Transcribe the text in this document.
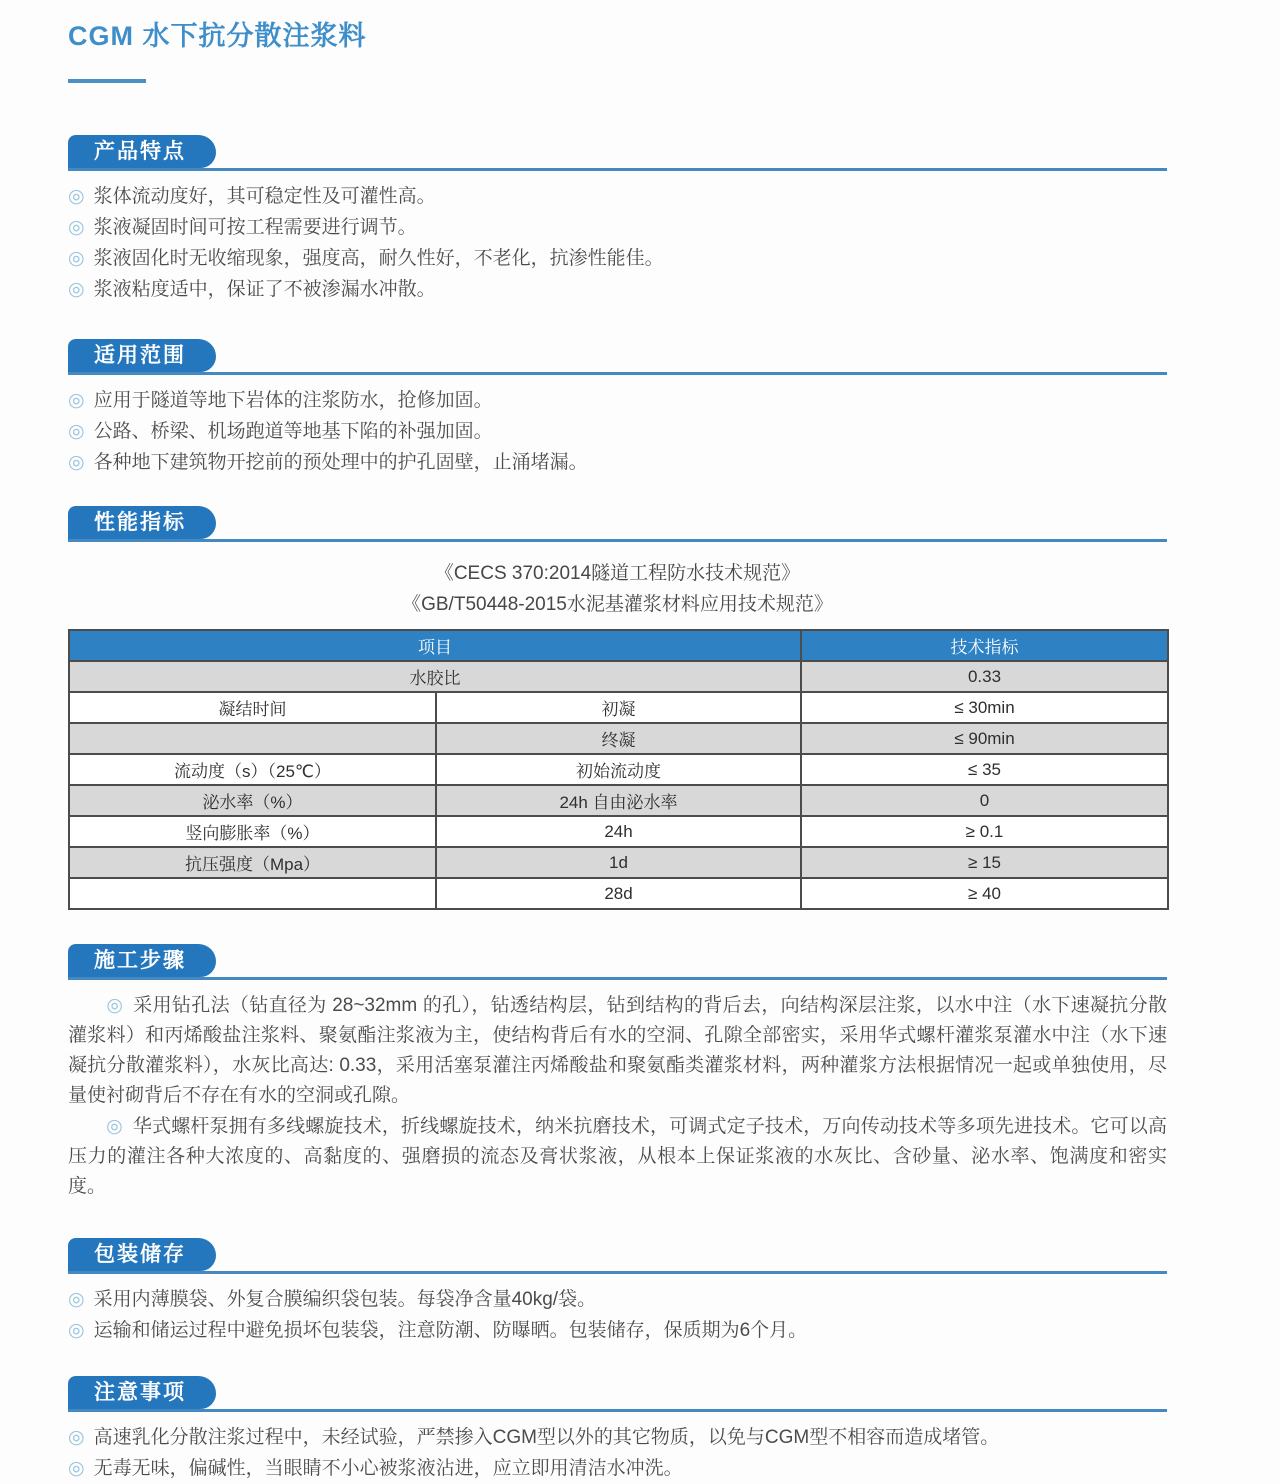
CGM 水下抗分散注浆料
产品特点
◎ 浆体流动度好，其可稳定性及可灌性高。
◎ 浆液凝固时间可按工程需要进行调节。
◎ 浆液固化时无收缩现象，强度高，耐久性好，不老化，抗渗性能佳。
◎ 浆液粘度适中，保证了不被渗漏水冲散。
适用范围
◎ 应用于隧道等地下岩体的注浆防水，抢修加固。
◎ 公路、桥梁、机场跑道等地基下陷的补强加固。
◎ 各种地下建筑物开挖前的预处理中的护孔固壁，止涌堵漏。
性能指标
《CECS 370:2014隧道工程防水技术规范》
《GB/T50448-2015水泥基灌浆材料应用技术规范》
项目		技术指标
水胶比		0.33
凝结时间	初凝	≤ 30min
	终凝	≤ 90min
流动度（s）（25℃）	初始流动度	≤ 35
泌水率（%）	24h 自由泌水率	0
竖向膨胀率（%）	24h	≥ 0.1
抗压强度（Mpa）	1d	≥ 15
	28d	≥ 40
施工步骤

◎ 采用钻孔法（钻直径为 28~32mm 的孔），钻透结构层，钻到结构的背后去，向结构深层注浆，以水中注（水下速凝抗分散灌浆料）和丙烯酸盐注浆料、聚氨酯注浆液为主，使结构背后有水的空洞、孔隙全部密实，采用华式螺杆灌浆泵灌水中注（水下速凝抗分散灌浆料），水灰比高达: 0.33，采用活塞泵灌注丙烯酸盐和聚氨酯类灌浆材料，两种灌浆方法根据情况一起或单独使用，尽量使衬砌背后不存在有水的空洞或孔隙。

◎ 华式螺杆泵拥有多线螺旋技术，折线螺旋技术，纳米抗磨技术，可调式定子技术，万向传动技术等多项先进技术。它可以高压力的灌注各种大浓度的、高黏度的、强磨损的流态及膏状浆液，从根本上保证浆液的水灰比、含砂量、泌水率、饱满度和密实度。

包装储存
◎ 采用内薄膜袋、外复合膜编织袋包装。每袋净含量40kg/袋。
◎ 运输和储运过程中避免损坏包装袋，注意防潮、防曝晒。包装储存，保质期为6个月。
注意事项
◎ 高速乳化分散注浆过程中，未经试验，严禁掺入CGM型以外的其它物质，以免与CGM型不相容而造成堵管。
◎ 无毒无味，偏碱性，当眼睛不小心被浆液沾进，应立即用清洁水冲洗。
